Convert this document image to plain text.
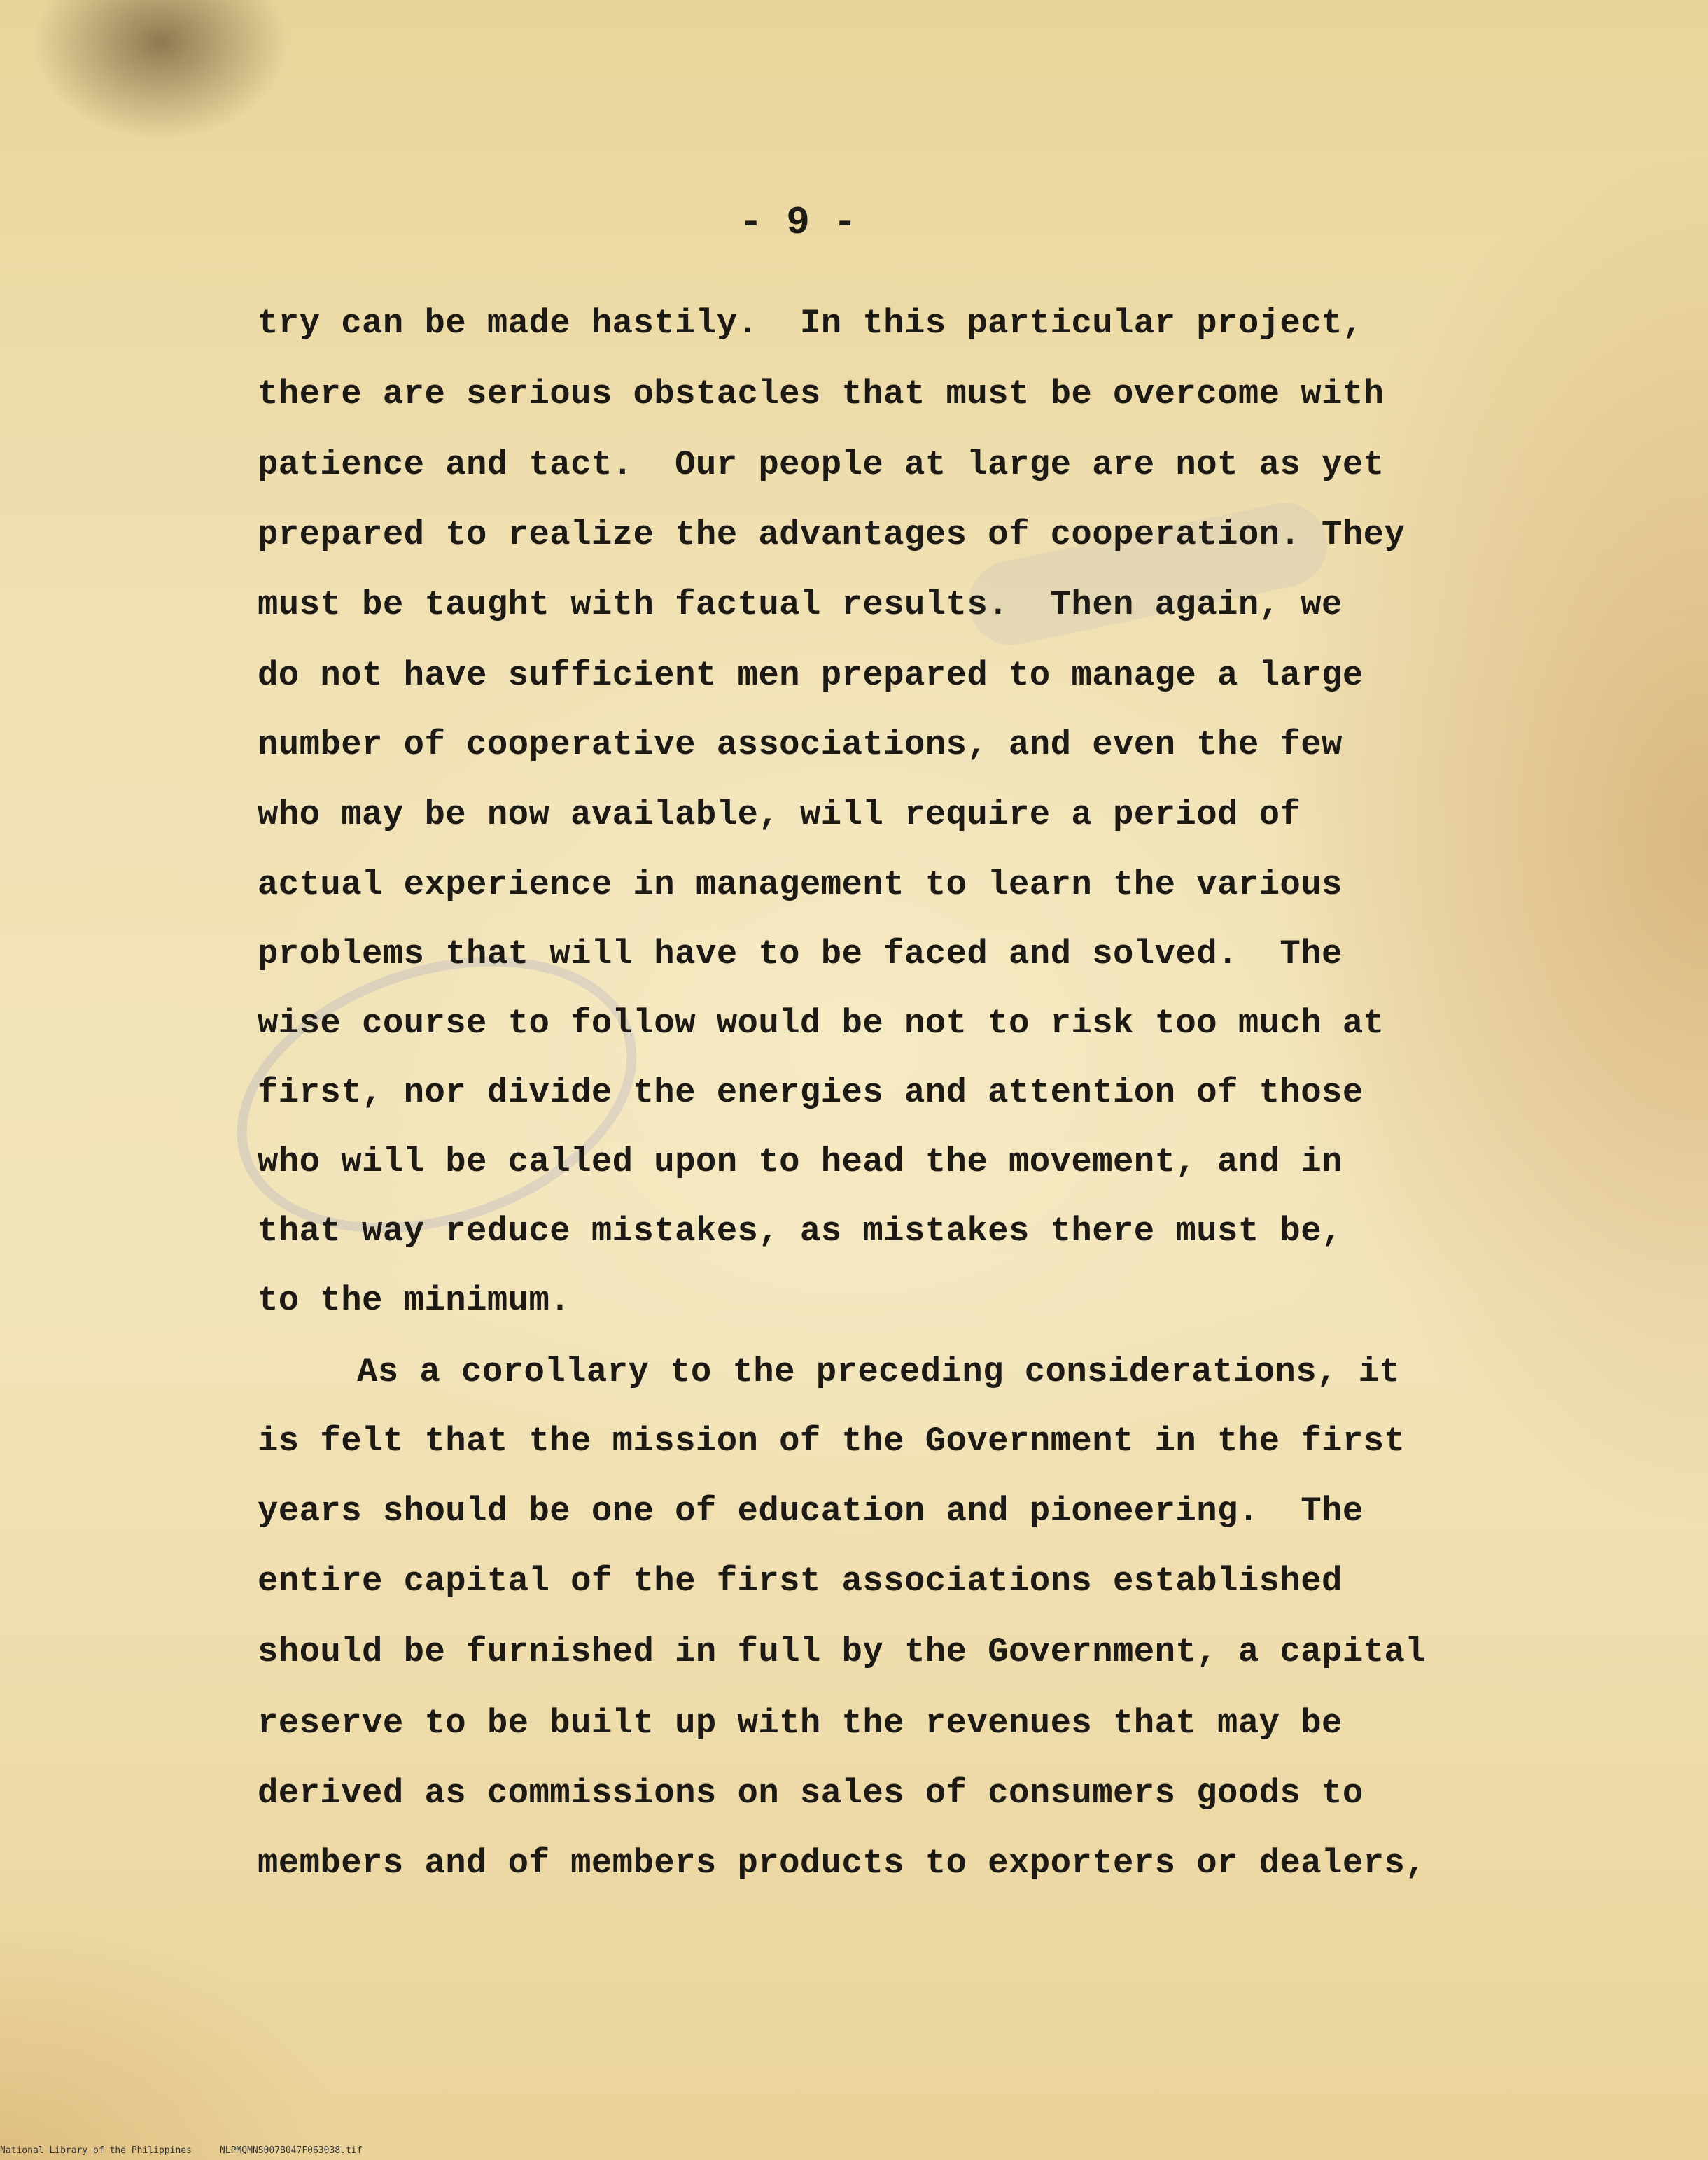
- 9 -
try can be made hastily.  In this particular project,
there are serious obstacles that must be overcome with
patience and tact.  Our people at large are not as yet
prepared to realize the advantages of cooperation. They
must be taught with factual results.  Then again, we
do not have sufficient men prepared to manage a large
number of cooperative associations, and even the few
who may be now available, will require a period of
actual experience in management to learn the various
problems that will have to be faced and solved.  The
wise course to follow would be not to risk too much at
first, nor divide the energies and attention of those
who will be called upon to head the movement, and in
that way reduce mistakes, as mistakes there must be,
to the minimum.
As a corollary to the preceding considerations, it
is felt that the mission of the Government in the first
years should be one of education and pioneering.  The
entire capital of the first associations established
should be furnished in full by the Government, a capital
reserve to be built up with the revenues that may be
derived as commissions on sales of consumers goods to
members and of members products to exporters or dealers,
National Library of the Philippines	NLPMQMNS007B047F063038.tif
